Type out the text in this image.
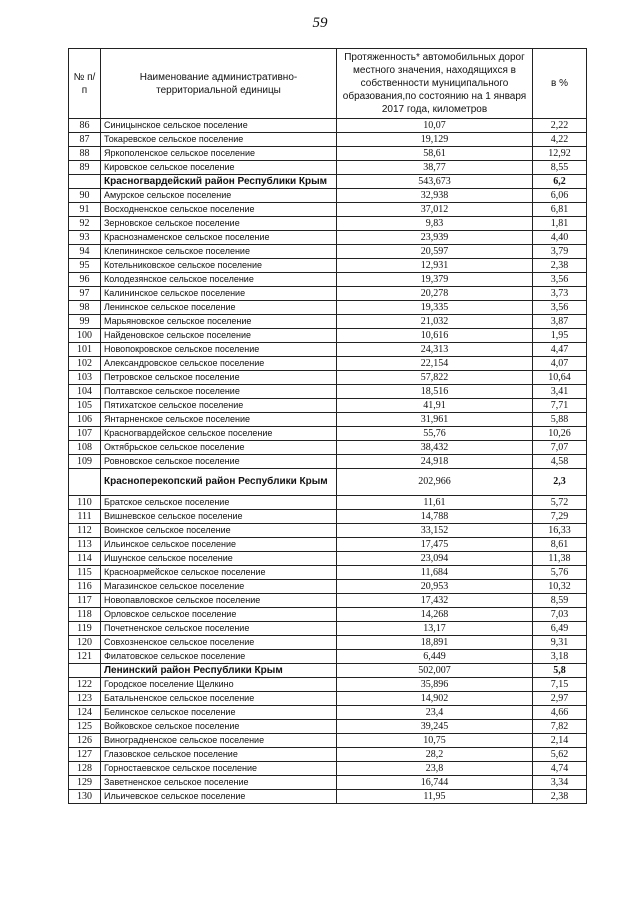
59
№ п/п	Наименование административно-территориальной единицы	Протяженность* автомобильных дорог местного значения, находящихся в собственности муниципального образования,по состоянию на 1 января 2017 года, километров	в %
86	Синицынское сельское поселение	10,07	2,22
87	Токаревское сельское поселение	19,129	4,22
88	Яркополенское сельское поселение	58,61	12,92
89	Кировское сельское поселение	38,77	8,55
	Красногвардейский район Республики Крым	543,673	6,2
90	Амурское сельское поселение	32,938	6,06
91	Восходненское сельское поселение	37,012	6,81
92	Зерновское сельское поселение	9,83	1,81
93	Краснознаменское сельское поселение	23,939	4,40
94	Клепининское сельское поселение	20,597	3,79
95	Котельниковское сельское поселение	12,931	2,38
96	Колодезянское сельское поселение	19,379	3,56
97	Калининское сельское поселение	20,278	3,73
98	Ленинское сельское поселение	19,335	3,56
99	Марьяновское сельское поселение	21,032	3,87
100	Найденовское сельское поселение	10,616	1,95
101	Новопокровское сельское поселение	24,313	4,47
102	Александровское сельское поселение	22,154	4,07
103	Петровское сельское поселение	57,822	10,64
104	Полтавское сельское поселение	18,516	3,41
105	Пятихатское сельское поселение	41,91	7,71
106	Янтарненское сельское поселение	31,961	5,88
107	Красногвардейское сельское поселение	55,76	10,26
108	Октябрьское сельское поселение	38,432	7,07
109	Ровновское сельское поселение	24,918	4,58
	Красноперекопский район Республики Крым	202,966	2,3
110	Братское сельское поселение	11,61	5,72
111	Вишневское сельское поселение	14,788	7,29
112	Воинское сельское поселение	33,152	16,33
113	Ильинское сельское поселение	17,475	8,61
114	Ишунское сельское поселение	23,094	11,38
115	Красноармейское сельское поселение	11,684	5,76
116	Магазинское сельское поселение	20,953	10,32
117	Новопавловское сельское поселение	17,432	8,59
118	Орловское сельское поселение	14,268	7,03
119	Почетненское сельское поселение	13,17	6,49
120	Совхозненское сельское поселение	18,891	9,31
121	Филатовское сельское поселение	6,449	3,18
	Ленинский район Республики Крым	502,007	5,8
122	Городское поселение Щелкино	35,896	7,15
123	Батальненское сельское поселение	14,902	2,97
124	Белинское сельское поселение	23,4	4,66
125	Войковское сельское поселение	39,245	7,82
126	Виноградненское сельское поселение	10,75	2,14
127	Глазовское сельское поселение	28,2	5,62
128	Горностаевское сельское поселение	23,8	4,74
129	Заветненское сельское поселение	16,744	3,34
130	Ильичевское сельское поселение	11,95	2,38
